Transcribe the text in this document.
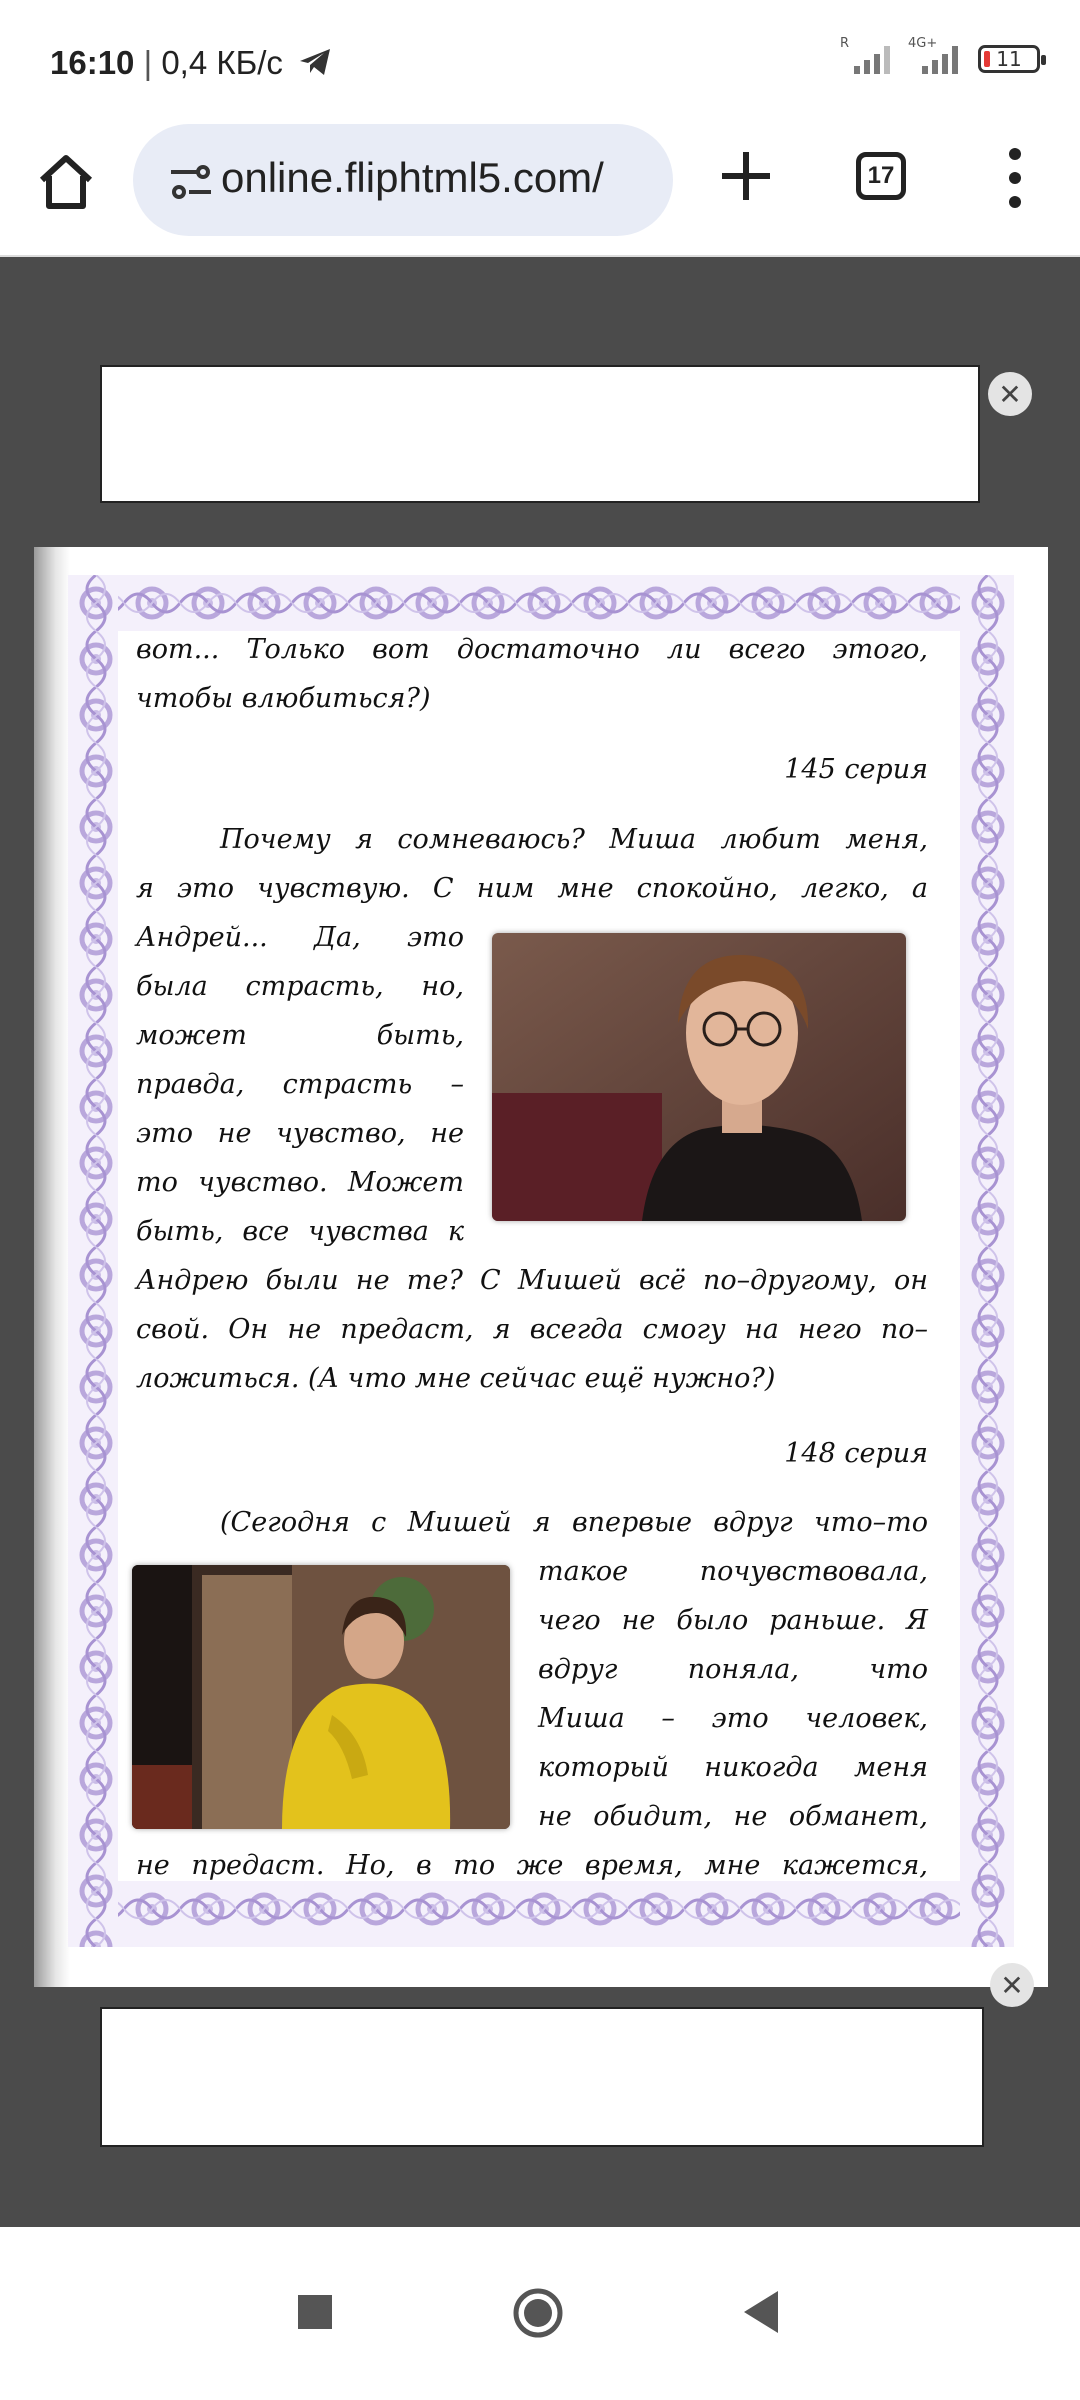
16:10 | 0,4 КБ/с
R	4G+
11
online.fliphtml5.com/	17
✕
вот... Только вот достаточно ли всего этого,
чтобы влюбиться?)
145 серия
Почему я сомневаюсь? Миша любит меня,
я это чувствую. С ним мне спокойно, легко, а
Андрей... Да, это
была страсть, но,
может быть,
правда, страсть –
это не чувство, не
то чувство. Может
быть, все чувства к
Андрею были не те? С Мишей всё по–другому, он
свой. Он не предаст, я всегда смогу на него по–
ложиться. (А что мне сейчас ещё нужно?)
148 серия
(Сегодня с Мишей я впервые вдруг что–то
такое почувствовала,
чего не было раньше. Я
вдруг поняла, что
Миша – это человек,
который никогда меня
не обидит, не обманет,
не предаст. Но, в то же время, мне кажется,
✕
